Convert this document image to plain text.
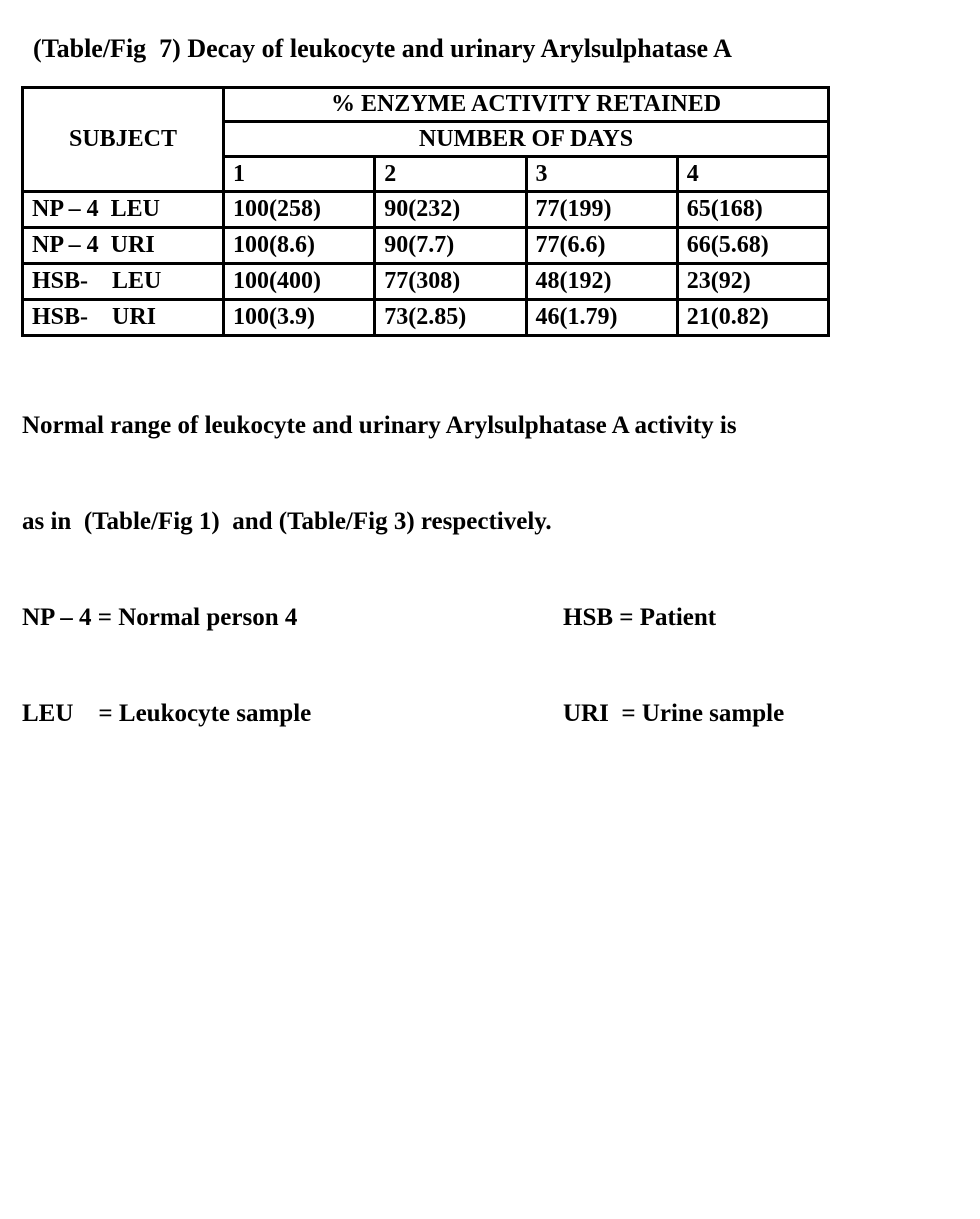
(Table/Fig  7) Decay of leukocyte and urinary Arylsulphatase A
SUBJECT	% ENZYME ACTIVITY RETAINED			
	NUMBER OF DAYS			
	1	2	3	4
NP – 4  LEU	100(258)	90(232)	77(199)	65(168)
NP – 4  URI	100(8.6)	90(7.7)	77(6.6)	66(5.68)
HSB-    LEU	100(400)	77(308)	48(192)	23(92)
HSB-    URI	100(3.9)	73(2.85)	46(1.79)	21(0.82)

Normal range of leukocyte and urinary Arylsulphatase A activity is

as in  (Table/Fig 1)  and (Table/Fig 3) respectively.

NP – 4 = Normal person 4	HSB = Patient

LEU    = Leukocyte sample	URI  = Urine sample
